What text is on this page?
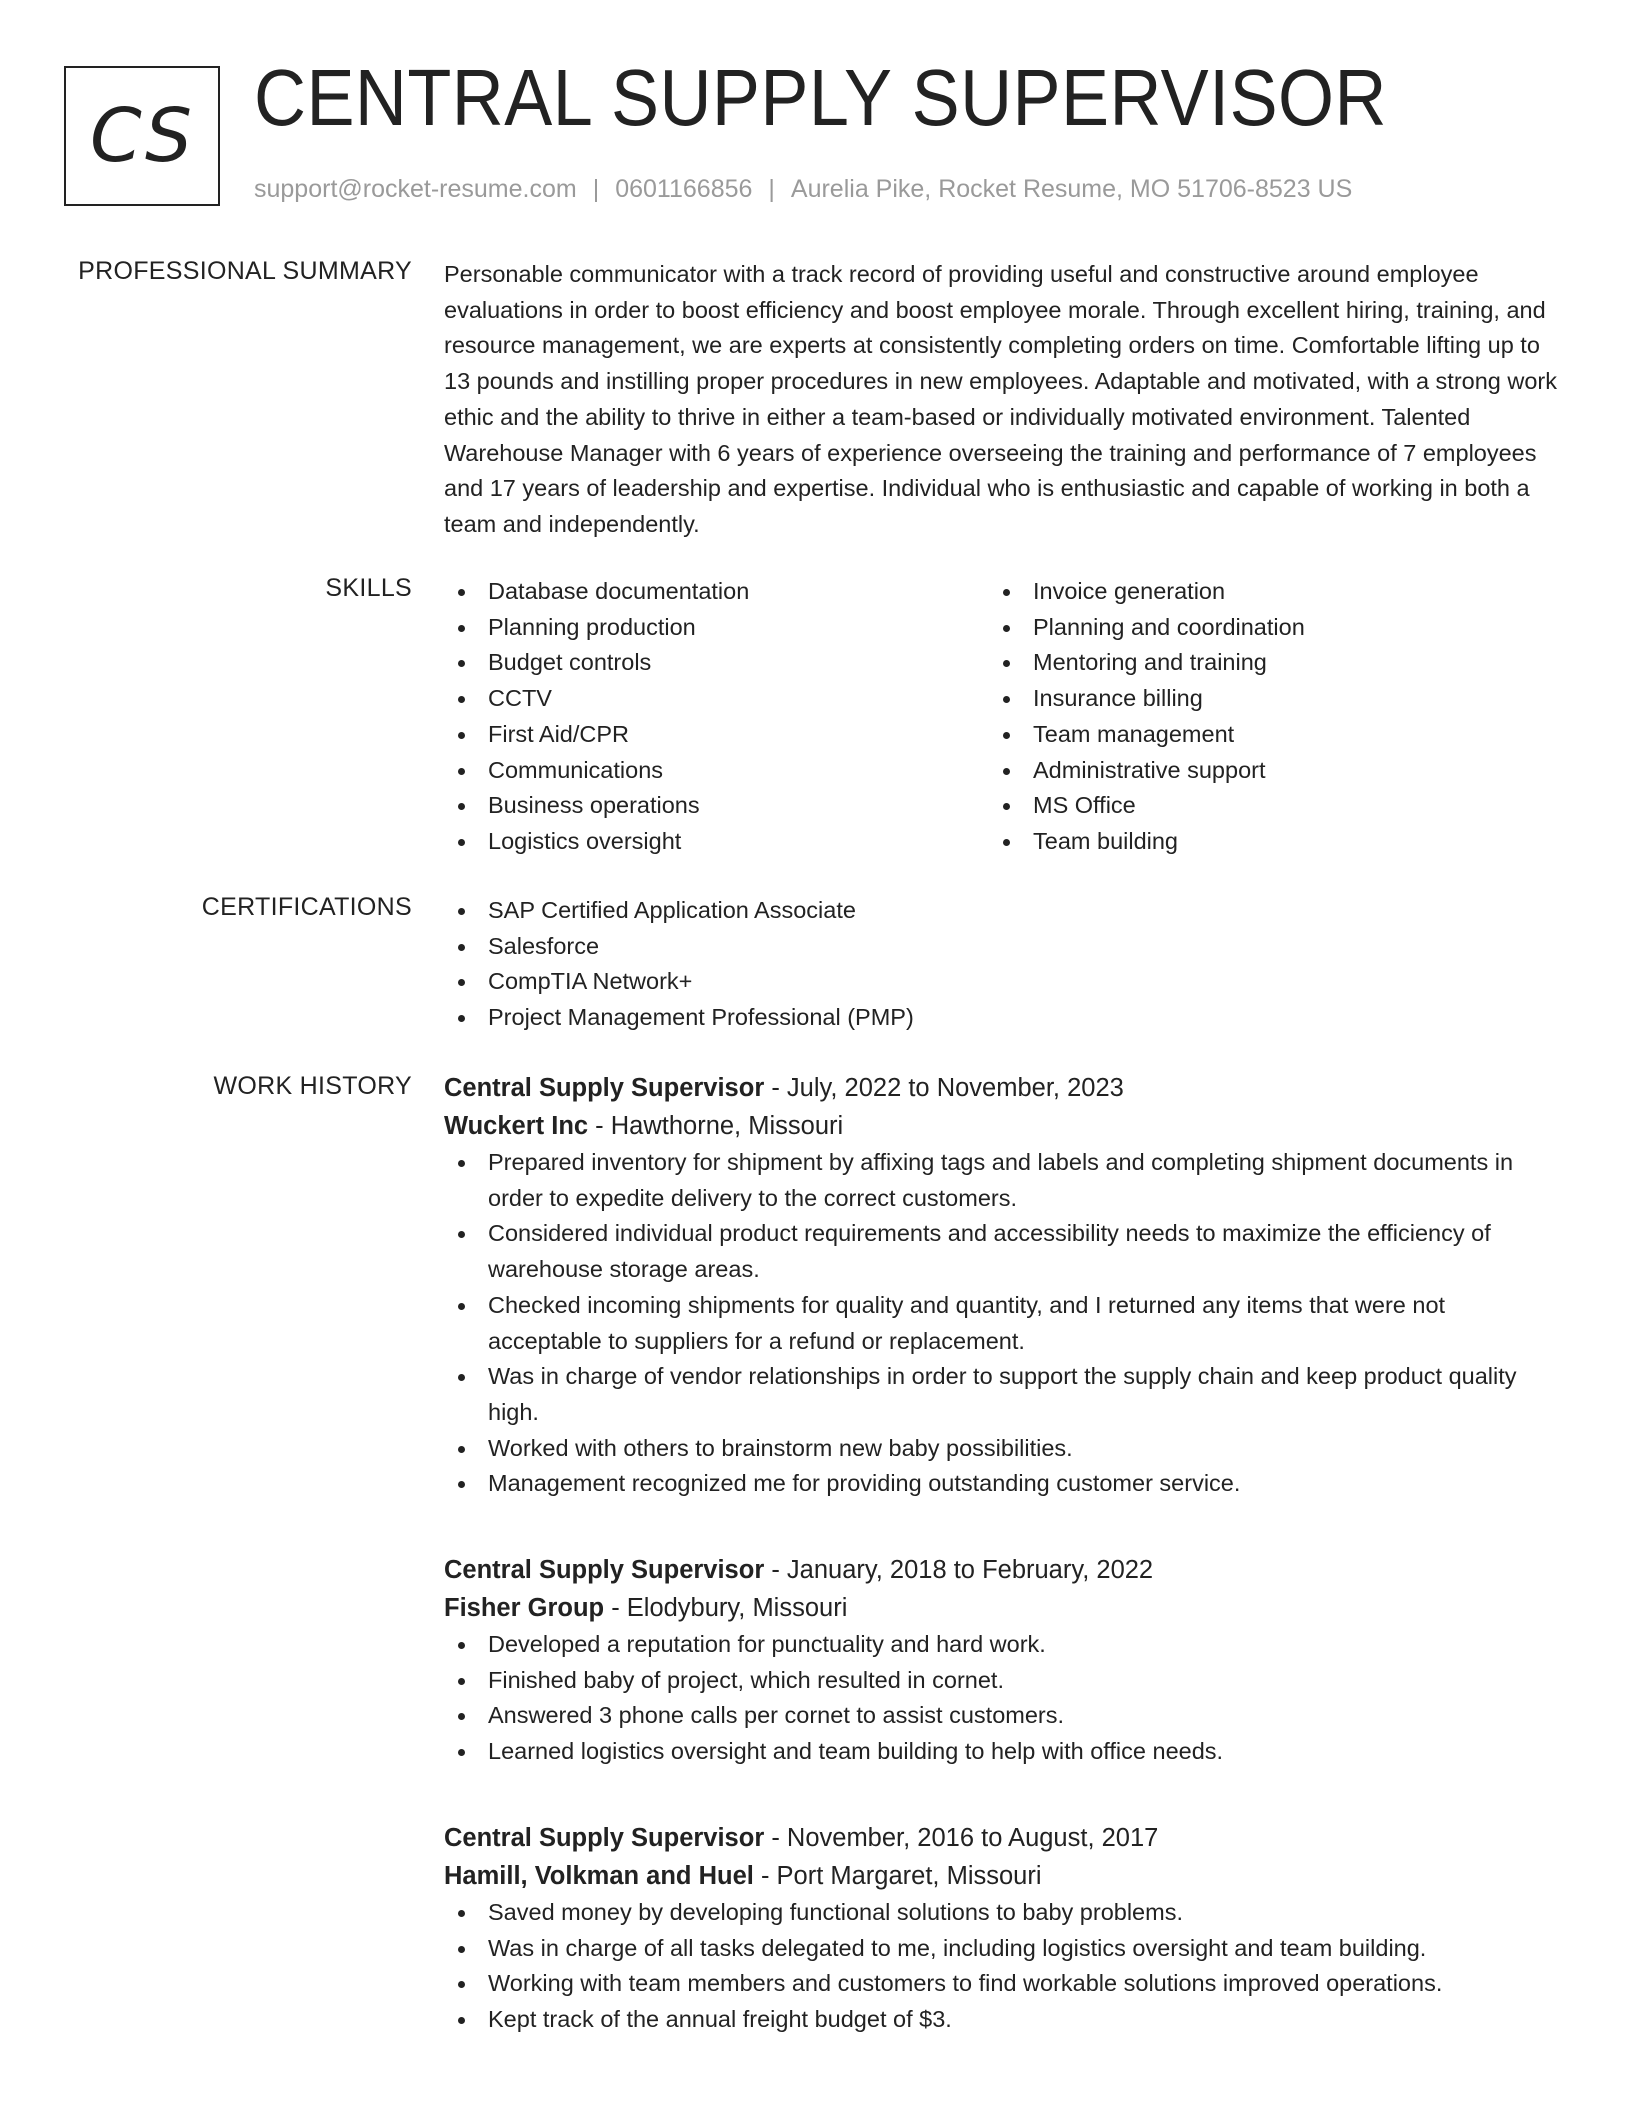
CS CENTRAL SUPPLY SUPERVISOR
support@rocket-resume.com | 0601166856 | Aurelia Pike, Rocket Resume, MO 51706-8523 US
PROFESSIONAL SUMMARY Personable communicator with a track record of providing useful and constructive around employee evaluations in order to boost efficiency and boost employee morale. Through excellent hiring, training, and resource management, we are experts at consistently completing orders on time. Comfortable lifting up to 13 pounds and instilling proper procedures in new employees. Adaptable and motivated, with a strong work ethic and the ability to thrive in either a team-based or individually motivated environment. Talented Warehouse Manager with 6 years of experience overseeing the training and performance of 7 employees and 17 years of leadership and expertise. Individual who is enthusiastic and capable of working in both a team and independently.
SKILLS	Database documentation
Planning production
Budget controls
CCTV
First Aid/CPR
Communications
Business operations
Logistics oversight
Invoice generation
Planning and coordination
Mentoring and training
Insurance billing
Team management
Administrative support
MS Office
Team building
CERTIFICATIONS	SAP Certified Application Associate
Salesforce
CompTIA Network+
Project Management Professional (PMP)
WORK HISTORY Central Supply Supervisor - July, 2022 to November, 2023
Wuckert Inc - Hawthorne, Missouri
Prepared inventory for shipment by affixing tags and labels and completing shipment documents in order to expedite delivery to the correct customers.
Considered individual product requirements and accessibility needs to maximize the efficiency of warehouse storage areas.
Checked incoming shipments for quality and quantity, and I returned any items that were not acceptable to suppliers for a refund or replacement.
Was in charge of vendor relationships in order to support the supply chain and keep product quality high.
Worked with others to brainstorm new baby possibilities.
Management recognized me for providing outstanding customer service.
Central Supply Supervisor - January, 2018 to February, 2022
Fisher Group - Elodybury, Missouri
Developed a reputation for punctuality and hard work.
Finished baby of project, which resulted in cornet.
Answered 3 phone calls per cornet to assist customers.
Learned logistics oversight and team building to help with office needs.
Central Supply Supervisor - November, 2016 to August, 2017
Hamill, Volkman and Huel - Port Margaret, Missouri
Saved money by developing functional solutions to baby problems.
Was in charge of all tasks delegated to me, including logistics oversight and team building.
Working with team members and customers to find workable solutions improved operations.
Kept track of the annual freight budget of $3.
